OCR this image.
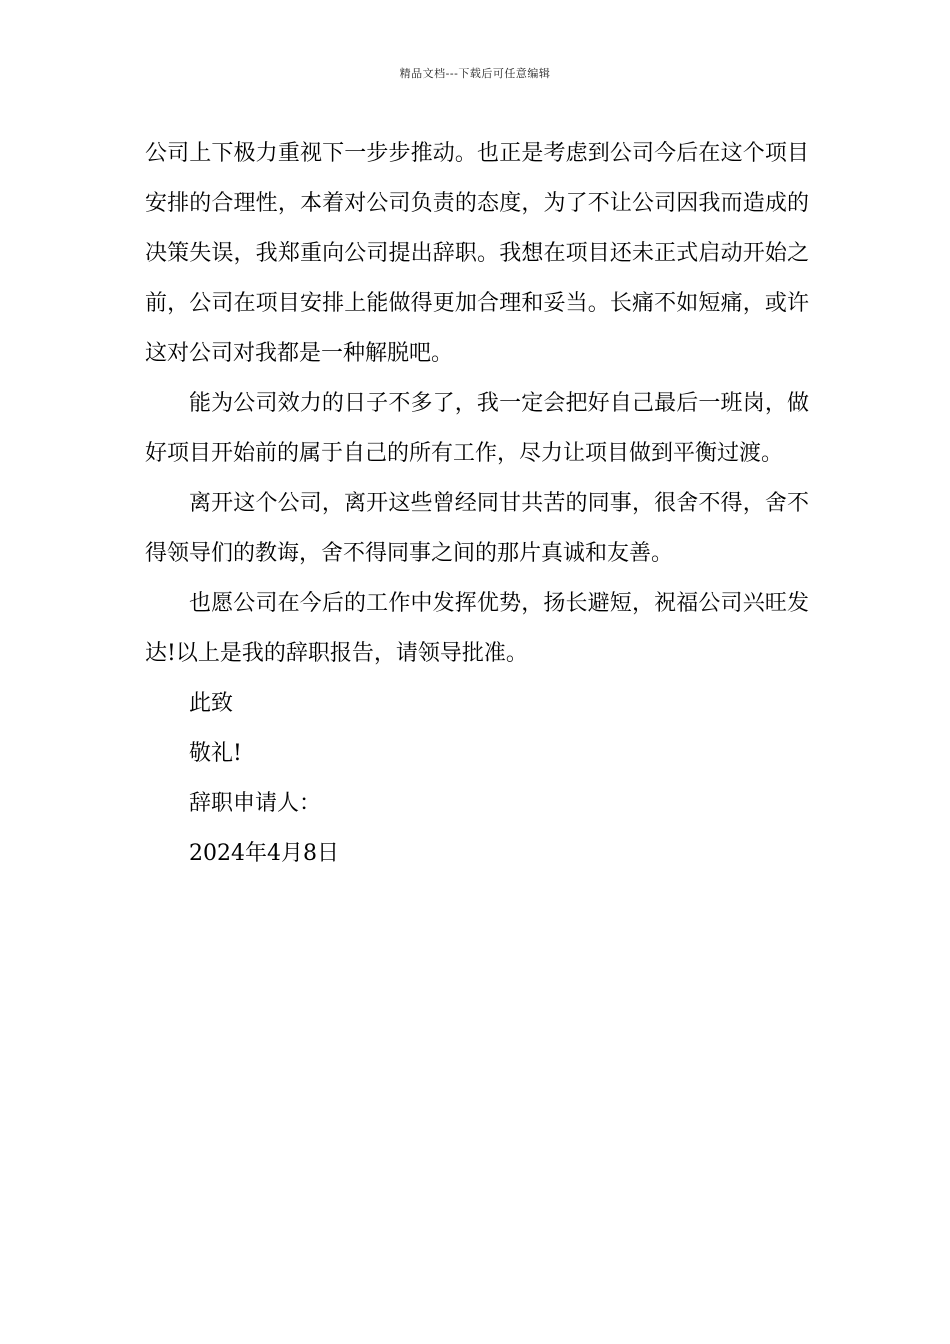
精品文档---下载后可任意编辑

公司上下极力重视下一步步推动。也正是考虑到公司今后在这个项目安排的合理性，本着对公司负责的态度，为了不让公司因我而造成的决策失误，我郑重向公司提出辞职。我想在项目还未正式启动开始之前，公司在项目安排上能做得更加合理和妥当。长痛不如短痛，或许这对公司对我都是一种解脱吧。

能为公司效力的日子不多了，我一定会把好自己最后一班岗，做好项目开始前的属于自己的所有工作，尽力让项目做到平衡过渡。

离开这个公司，离开这些曾经同甘共苦的同事，很舍不得，舍不得领导们的教诲，舍不得同事之间的那片真诚和友善。

也愿公司在今后的工作中发挥优势，扬长避短，祝福公司兴旺发达!以上是我的辞职报告，请领导批准。

此致

敬礼!

辞职申请人：

2024年4月8日
